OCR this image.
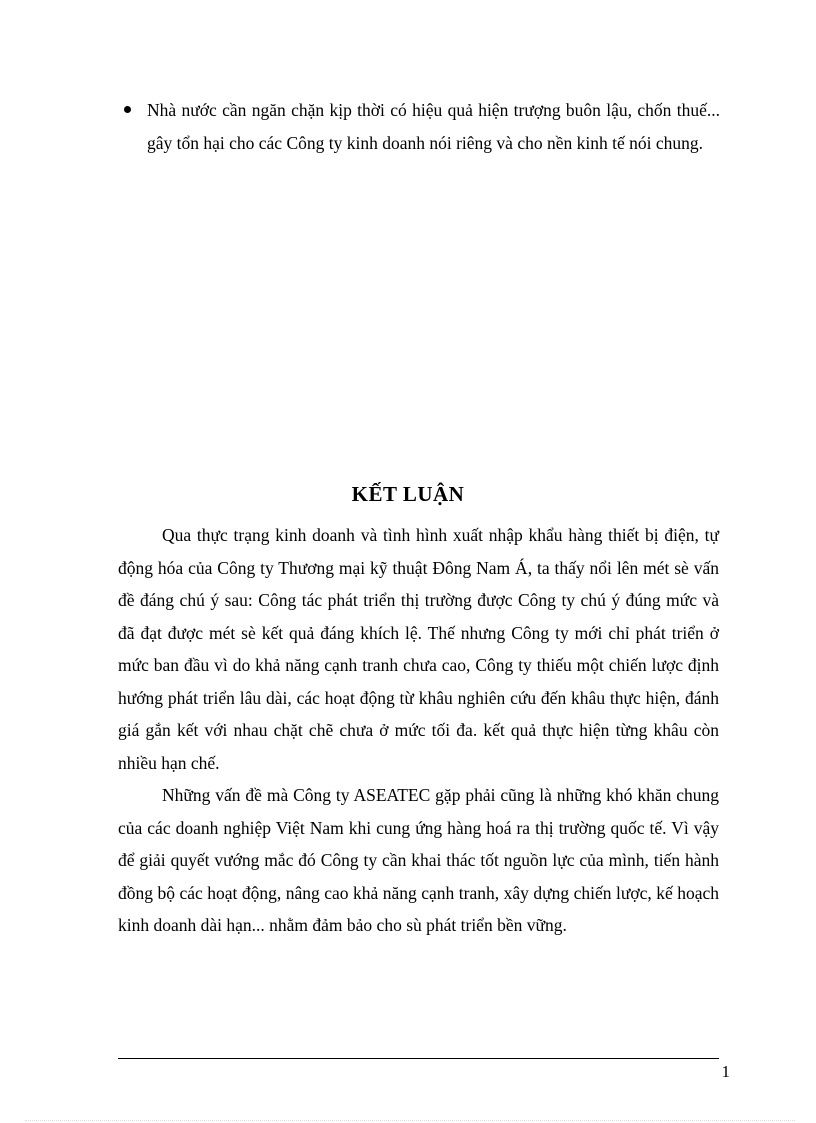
Nhà nước cần ngăn chặn kịp thời có hiệu quả hiện trượng buôn lậu, chốn thuế... gây tổn hại cho các Công ty kinh doanh nói riêng và cho nền kinh tế nói chung.
KẾT LUẬN

Qua thực trạng kinh doanh và tình hình xuất nhập khẩu hàng thiết bị điện, tự động hóa của Công ty Thương mại kỹ thuật Đông Nam Á, ta thấy nổi lên mét sè vấn đề đáng chú ý sau: Công tác phát triển thị trường được Công ty chú ý đúng mức và đã đạt được mét sè kết quả đáng khích lệ. Thế nhưng Công ty mới chỉ phát triển ở mức ban đầu vì do khả năng cạnh tranh chưa cao, Công ty thiếu một chiến lược định hướng phát triển lâu dài, các hoạt động từ khâu nghiên cứu đến khâu thực hiện, đánh giá gắn kết với nhau chặt chẽ chưa ở mức tối đa. kết quả thực hiện từng khâu còn nhiều hạn chế.

Những vấn đề mà Công ty ASEATEC gặp phải cũng là những khó khăn chung của các doanh nghiệp Việt Nam khi cung ứng hàng hoá ra thị trường quốc tế. Vì vậy để giải quyết vướng mắc đó Công ty cần khai thác tốt nguồn lực của mình, tiến hành đồng bộ các hoạt động, nâng cao khả năng cạnh tranh, xây dựng chiến lược, kế hoạch kinh doanh dài hạn... nhằm đảm bảo cho sù phát triển bền vững.

1
